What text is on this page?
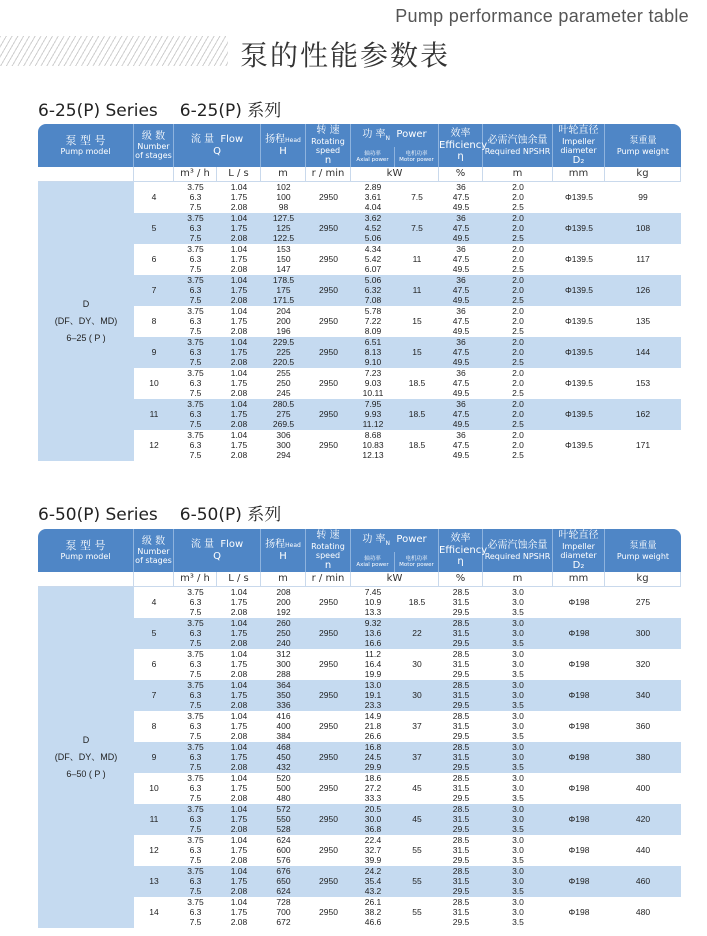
Pump performance parameter table
泵的性能参数表
6-25(P) Series 6-25(P) 系列
泵 型 号
Pump model	级 数
Number
of stages	流 量 Flow
Q		扬程Head
H	转 速
Rotating speed
n	功 率$_N$ Power		效率
Efficiency
η	必需汽蚀余量
Required NPSHR	叶轮直径
Impeller diameter
D₂	泵重量
Pump weight

						轴功率
Axial power	电机功率
Motor power				

		m³ / h	L / s	m	r / min	kW		%	m	mm	kg

D
(DF、DY、MD)
6–25 ( P )	4	3.75
6.3
7.5	1.04
1.75
2.08	102
100
98	2950	2.89
3.61
4.04	7.5	36
47.5
49.5	2.0
2.0
2.5	Φ139.5	99
	5	3.75
6.3
7.5	1.04
1.75
2.08	127.5
125
122.5	2950	3.62
4.52
5.06	7.5	36
47.5
49.5	2.0
2.0
2.5	Φ139.5	108
	6	3.75
6.3
7.5	1.04
1.75
2.08	153
150
147	2950	4.34
5.42
6.07	11	36
47.5
49.5	2.0
2.0
2.5	Φ139.5	117
	7	3.75
6.3
7.5	1.04
1.75
2.08	178.5
175
171.5	2950	5.06
6.32
7.08	11	36
47.5
49.5	2.0
2.0
2.5	Φ139.5	126
	8	3.75
6.3
7.5	1.04
1.75
2.08	204
200
196	2950	5.78
7.22
8.09	15	36
47.5
49.5	2.0
2.0
2.5	Φ139.5	135
	9	3.75
6.3
7.5	1.04
1.75
2.08	229.5
225
220.5	2950	6.51
8.13
9.10	15	36
47.5
49.5	2.0
2.0
2.5	Φ139.5	144
	10	3.75
6.3
7.5	1.04
1.75
2.08	255
250
245	2950	7.23
9.03
10.11	18.5	36
47.5
49.5	2.0
2.0
2.5	Φ139.5	153
	11	3.75
6.3
7.5	1.04
1.75
2.08	280.5
275
269.5	2950	7.95
9.93
11.12	18.5	36
47.5
49.5	2.0
2.0
2.5	Φ139.5	162
	12	3.75
6.3
7.5	1.04
1.75
2.08	306
300
294	2950	8.68
10.83
12.13	18.5	36
47.5
49.5	2.0
2.0
2.5	Φ139.5	171
6-50(P) Series 6-50(P) 系列
泵 型 号
Pump model	级 数
Number
of stages	流 量 Flow
Q		扬程Head
H	转 速
Rotating speed
n	功 率$_N$ Power		效率
Efficiency
η	必需汽蚀余量
Required NPSHR	叶轮直径
Impeller diameter
D₂	泵重量
Pump weight

						轴功率
Axial power	电机功率
Motor power				

		m³ / h	L / s	m	r / min	kW		%	m	mm	kg

D
(DF、DY、MD)
6–50 ( P )	4	3.75
6.3
7.5	1.04
1.75
2.08	208
200
192	2950	7.45
10.9
13.3	18.5	28.5
31.5
29.5	3.0
3.0
3.5	Φ198	275
	5	3.75
6.3
7.5	1.04
1.75
2.08	260
250
240	2950	9.32
13.6
16.6	22	28.5
31.5
29.5	3.0
3.0
3.5	Φ198	300
	6	3.75
6.3
7.5	1.04
1.75
2.08	312
300
288	2950	11.2
16.4
19.9	30	28.5
31.5
29.5	3.0
3.0
3.5	Φ198	320
	7	3.75
6.3
7.5	1.04
1.75
2.08	364
350
336	2950	13.0
19.1
23.3	30	28.5
31.5
29.5	3.0
3.0
3.5	Φ198	340
	8	3.75
6.3
7.5	1.04
1.75
2.08	416
400
384	2950	14.9
21.8
26.6	37	28.5
31.5
29.5	3.0
3.0
3.5	Φ198	360
	9	3.75
6.3
7.5	1.04
1.75
2.08	468
450
432	2950	16.8
24.5
29.9	37	28.5
31.5
29.5	3.0
3.0
3.5	Φ198	380
	10	3.75
6.3
7.5	1.04
1.75
2.08	520
500
480	2950	18.6
27.2
33.3	45	28.5
31.5
29.5	3.0
3.0
3.5	Φ198	400
	11	3.75
6.3
7.5	1.04
1.75
2.08	572
550
528	2950	20.5
30.0
36.8	45	28.5
31.5
29.5	3.0
3.0
3.5	Φ198	420
	12	3.75
6.3
7.5	1.04
1.75
2.08	624
600
576	2950	22.4
32.7
39.9	55	28.5
31.5
29.5	3.0
3.0
3.5	Φ198	440
	13	3.75
6.3
7.5	1.04
1.75
2.08	676
650
624	2950	24.2
35.4
43.2	55	28.5
31.5
29.5	3.0
3.0
3.5	Φ198	460
	14	3.75
6.3
7.5	1.04
1.75
2.08	728
700
672	2950	26.1
38.2
46.6	55	28.5
31.5
29.5	3.0
3.0
3.5	Φ198	480
